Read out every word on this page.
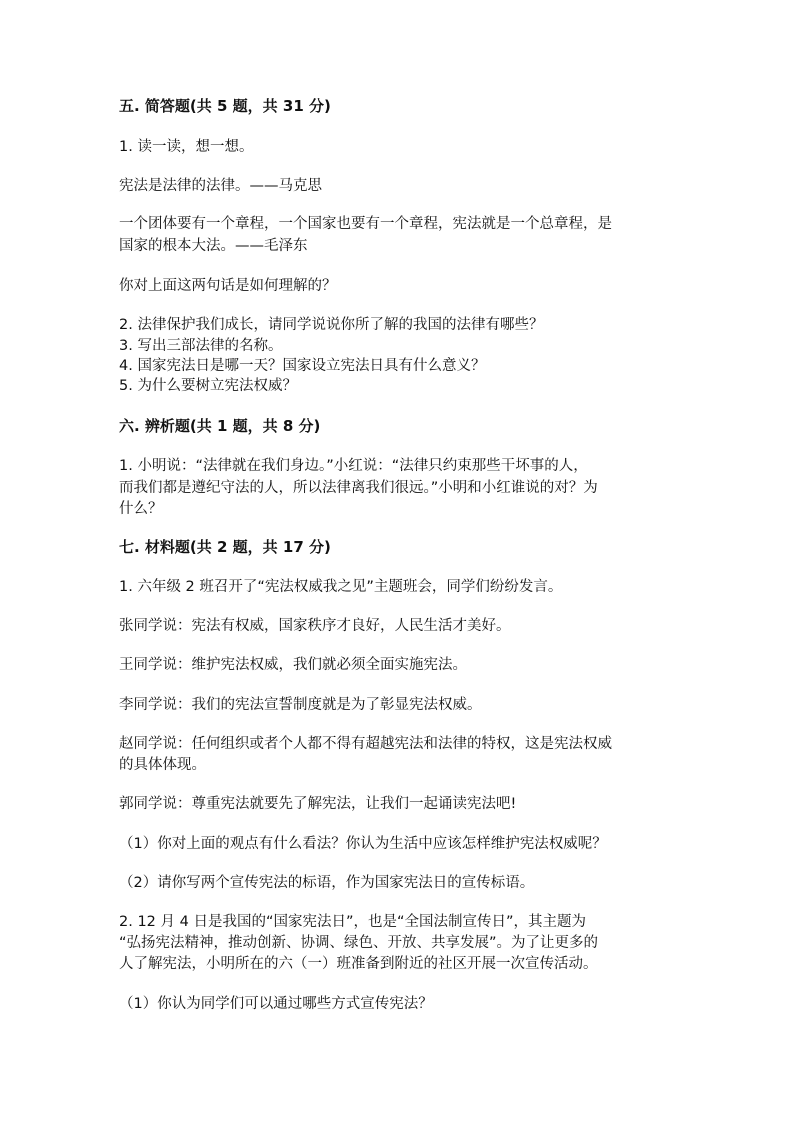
五. 简答题(共 5 题，共 31 分)
1. 读一读，想一想。
宪法是法律的法律。——马克思
一个团体要有一个章程，一个国家也要有一个章程，宪法就是一个总章程，是
国家的根本大法。——毛泽东
你对上面这两句话是如何理解的？
2. 法律保护我们成长，请同学说说你所了解的我国的法律有哪些？
3. 写出三部法律的名称。
4. 国家宪法日是哪一天？国家设立宪法日具有什么意义？
5. 为什么要树立宪法权威？
六. 辨析题(共 1 题，共 8 分)
1. 小明说：“法律就在我们身边。”小红说：“法律只约束那些干坏事的人，
而我们都是遵纪守法的人，所以法律离我们很远。”小明和小红谁说的对？为
什么？
七. 材料题(共 2 题，共 17 分)
1. 六年级 2 班召开了“宪法权威我之见”主题班会，同学们纷纷发言。
张同学说：宪法有权威，国家秩序才良好，人民生活才美好。
王同学说：维护宪法权威，我们就必须全面实施宪法。
李同学说：我们的宪法宣誓制度就是为了彰显宪法权威。
赵同学说：任何组织或者个人都不得有超越宪法和法律的特权，这是宪法权威
的具体体现。
郭同学说：尊重宪法就要先了解宪法，让我们一起诵读宪法吧!
（1）你对上面的观点有什么看法？你认为生活中应该怎样维护宪法权威呢？
（2）请你写两个宣传宪法的标语，作为国家宪法日的宣传标语。
2. 12 月 4 日是我国的“国家宪法日”，也是“全国法制宣传日”，其主题为
“弘扬宪法精神，推动创新、协调、绿色、开放、共享发展”。为了让更多的
人了解宪法，小明所在的六（一）班准备到附近的社区开展一次宣传活动。
（1）你认为同学们可以通过哪些方式宣传宪法？
